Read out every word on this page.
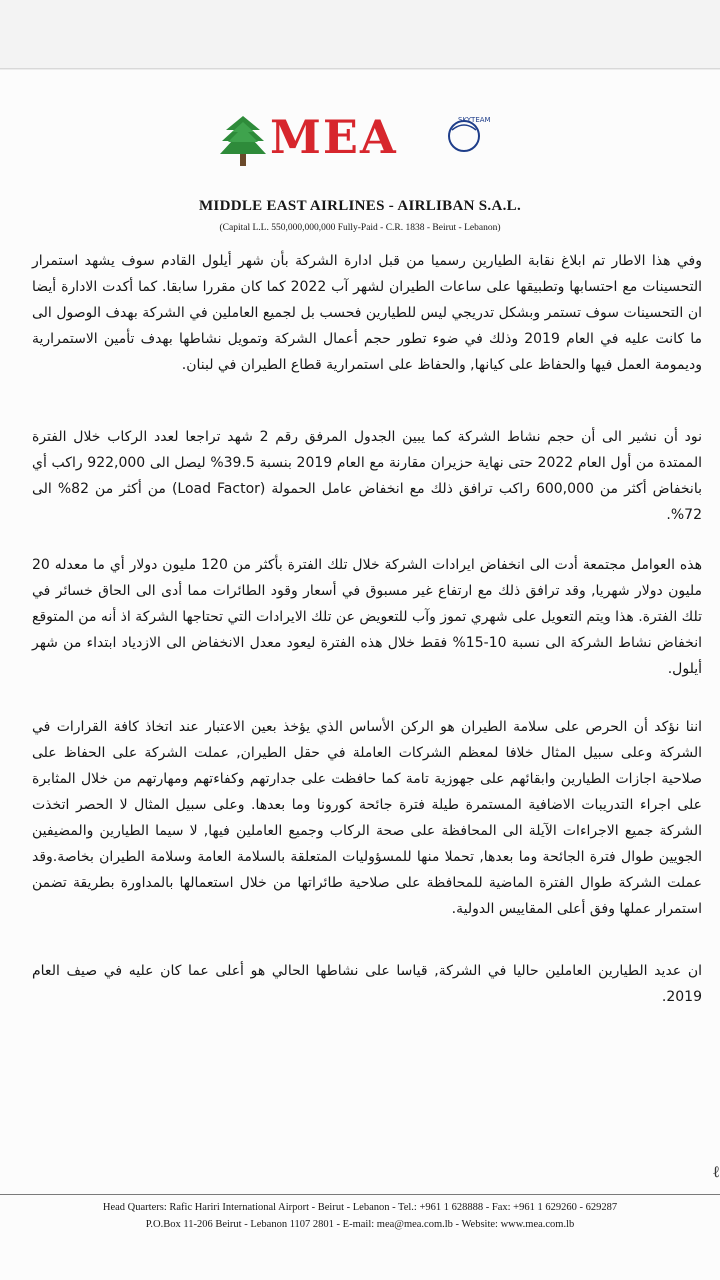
MEA	SKYTEAM
MIDDLE EAST AIRLINES - AIRLIBAN S.A.L.
(Capital L.L. 550,000,000,000 Fully-Paid - C.R. 1838 - Beirut - Lebanon)

وفي هذا الاطار تم ابلاغ نقابة الطيارين رسميا من قبل ادارة الشركة بأن شهر أيلول القادم سوف يشهد استمرار التحسينات مع احتسابها وتطبيقها على ساعات الطيران لشهر آب 2022 كما كان مقررا سابقا. كما أكدت الادارة أيضا ان التحسينات سوف تستمر وبشكل تدريجي ليس للطيارين فحسب بل لجميع العاملين في الشركة بهدف الوصول الى ما كانت عليه في العام 2019 وذلك في ضوء تطور حجم أعمال الشركة وتمويل نشاطها بهدف تأمين الاستمرارية وديمومة العمل فيها والحفاظ على كيانها, والحفاظ على استمرارية قطاع الطيران في لبنان.

نود أن نشير الى أن حجم نشاط الشركة كما يبين الجدول المرفق رقم 2 شهد تراجعا لعدد الركاب خلال الفترة الممتدة من أول العام 2022 حتى نهاية حزيران مقارنة مع العام 2019 بنسبة 39.5% ليصل الى 922,000 راكب أي بانخفاض أكثر من 600,000 راكب ترافق ذلك مع انخفاض عامل الحمولة (Load Factor) من أكثر من 82% الى 72%.

هذه العوامل مجتمعة أدت الى انخفاض ايرادات الشركة خلال تلك الفترة بأكثر من 120 مليون دولار أي ما معدله 20 مليون دولار شهريا, وقد ترافق ذلك مع ارتفاع غير مسبوق في أسعار وقود الطائرات مما أدى الى الحاق خسائر في تلك الفترة. هذا ويتم التعويل على شهري تموز وآب للتعويض عن تلك الايرادات التي تحتاجها الشركة اذ أنه من المتوقع انخفاض نشاط الشركة الى نسبة 10-15% فقط خلال هذه الفترة ليعود معدل الانخفاض الى الازدياد ابتداء من شهر أيلول.

اننا نؤكد أن الحرص على سلامة الطيران هو الركن الأساس الذي يؤخذ بعين الاعتبار عند اتخاذ كافة القرارات في الشركة وعلى سبيل المثال خلافا لمعظم الشركات العاملة في حقل الطيران, عملت الشركة على الحفاظ على صلاحية اجازات الطيارين وابقائهم على جهوزية تامة كما حافظت على جدارتهم وكفاءتهم ومهارتهم من خلال المثابرة على اجراء التدريبات الاضافية المستمرة طيلة فترة جائحة كورونا وما بعدها. وعلى سبيل المثال لا الحصر اتخذت الشركة جميع الاجراءات الآيلة الى المحافظة على صحة الركاب وجميع العاملين فيها, لا سيما الطيارين والمضيفين الجويين طوال فترة الجائحة وما بعدها, تحملا منها للمسؤوليات المتعلقة بالسلامة العامة وسلامة الطيران بخاصة.وقد عملت الشركة طوال الفترة الماضية للمحافظة على صلاحية طائراتها من خلال استعمالها بالمداورة بطريقة تضمن استمرار عملها وفق أعلى المقاييس الدولية.

ان عديد الطيارين العاملين حاليا في الشركة, قياسا على نشاطها الحالي هو أعلى عما كان عليه في صيف العام 2019.

ℓ
Head Quarters: Rafic Hariri International Airport - Beirut - Lebanon - Tel.: +961 1 628888 - Fax: +961 1 629260 - 629287
P.O.Box 11-206 Beirut - Lebanon 1107 2801 - E-mail: mea@mea.com.lb - Website: www.mea.com.lb
